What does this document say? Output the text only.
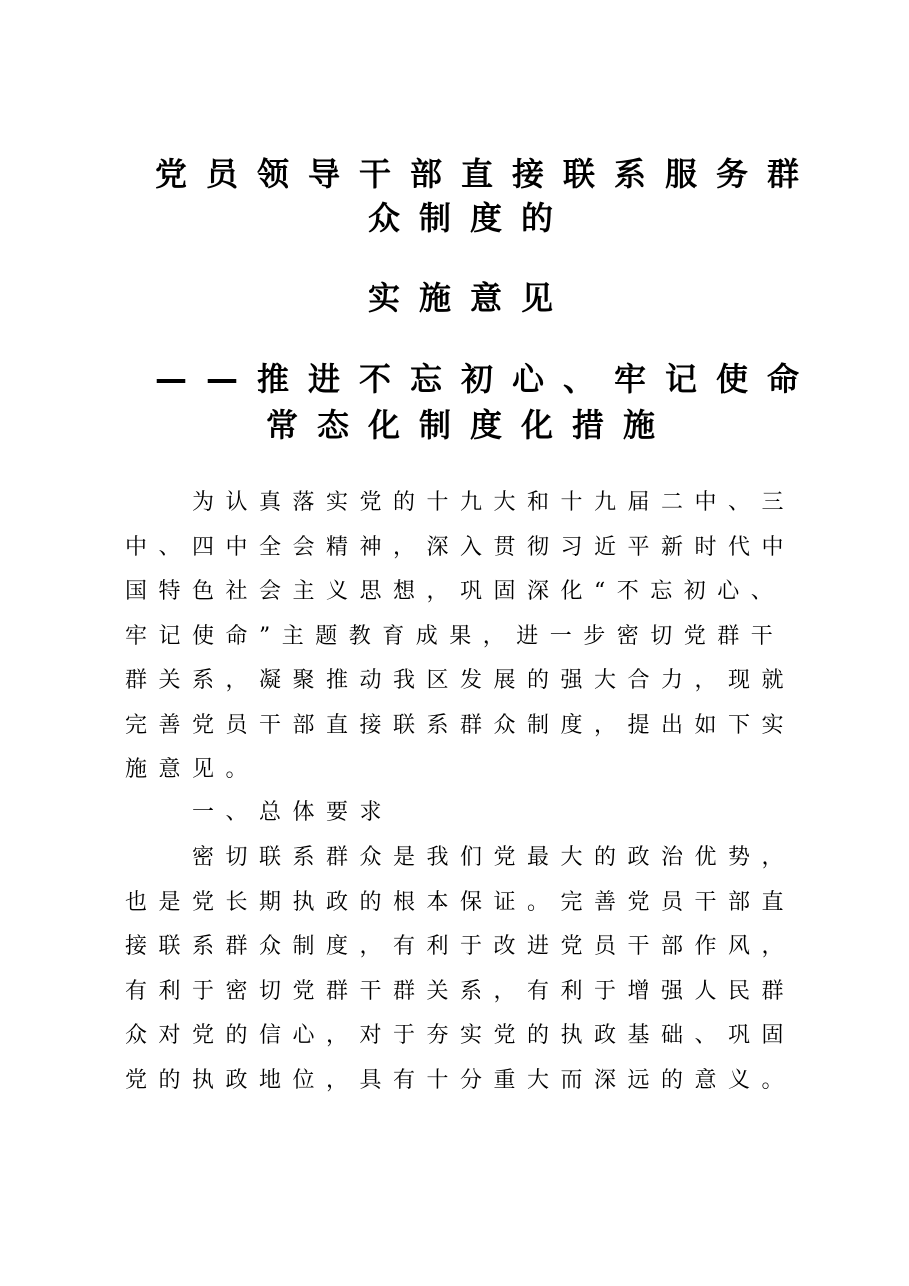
党员领导干部直接联系服务群
众制度的
实施意见
——推进不忘初心、牢记使命
常态化制度化措施
　　为认真落实党的十九大和十九届二中、三
中、四中全会精神，深入贯彻习近平新时代中
国特色社会主义思想，巩固深化“不忘初心、
牢记使命”主题教育成果，进一步密切党群干
群关系，凝聚推动我区发展的强大合力，现就
完善党员干部直接联系群众制度，提出如下实
施意见。
　　一、总体要求
　　密切联系群众是我们党最大的政治优势，
也是党长期执政的根本保证。完善党员干部直
接联系群众制度，有利于改进党员干部作风，
有利于密切党群干群关系，有利于增强人民群
众对党的信心，对于夯实党的执政基础、巩固
党的执政地位，具有十分重大而深远的意义。
